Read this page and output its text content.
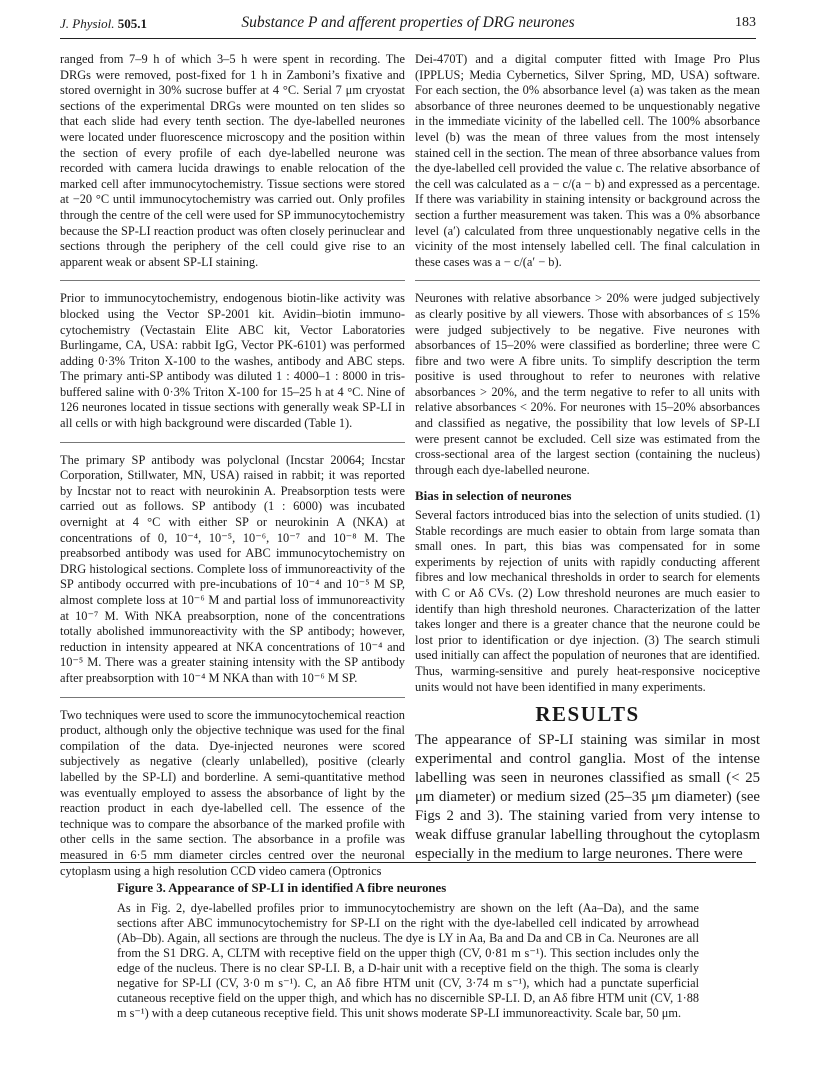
J. Physiol. 505.1	Substance P and afferent properties of DRG neurones	183

ranged from 7–9 h of which 3–5 h were spent in recording. The DRGs were removed, post-fixed for 1 h in Zamboni’s fixative and stored overnight in 30% sucrose buffer at 4 °C. Serial 7 μm cryostat sections of the experimental DRGs were mounted on ten slides so that each slide had every tenth section. The dye-labelled neurones were located under fluorescence microscopy and the position within the section of every profile of each dye-labelled neurone was recorded with camera lucida drawings to enable relocation of the marked cell after immunocytochemistry. Tissue sections were stored at −20 °C until immunocytochemistry was carried out. Only profiles through the centre of the cell were used for SP immunocytochemistry because the SP-LI reaction product was often closely perinuclear and sections through the periphery of the cell could give rise to an apparent weak or absent SP-LI staining.

Prior to immunocytochemistry, endogenous biotin-like activity was blocked using the Vector SP-2001 kit. Avidin–biotin immunocytochemistry (Vectastain Elite ABC kit, Vector Laboratories Burlingame, CA, USA: rabbit IgG, Vector PK-6101) was performed adding 0·3% Triton X-100 to the washes, antibody and ABC steps. The primary anti-SP antibody was diluted 1 : 4000–1 : 8000 in tris-buffered saline with 0·3% Triton X-100 for 15–25 h at 4 °C. Nine of 126 neurones located in tissue sections with generally weak SP-LI in all cells or with high background were discarded (Table 1).

The primary SP antibody was polyclonal (Incstar 20064; Incstar Corporation, Stillwater, MN, USA) raised in rabbit; it was reported by Incstar not to react with neurokinin A. Preabsorption tests were carried out as follows. SP antibody (1 : 6000) was incubated overnight at 4 °C with either SP or neurokinin A (NKA) at concentrations of 0, 10⁻⁴, 10⁻⁵, 10⁻⁶, 10⁻⁷ and 10⁻⁸ M. The preabsorbed antibody was used for ABC immunocytochemistry on DRG histological sections. Complete loss of immunoreactivity of the SP antibody occurred with pre-incubations of 10⁻⁴ and 10⁻⁵ M SP, almost complete loss at 10⁻⁶ M and partial loss of immunoreactivity at 10⁻⁷ M. With NKA preabsorption, none of the concentrations totally abolished immunoreactivity with the SP antibody; however, reduction in intensity appeared at NKA concentrations of 10⁻⁴ and 10⁻⁵ M. There was a greater staining intensity with the SP antibody after preabsorption with 10⁻⁴ M NKA than with 10⁻⁶ M SP.

Two techniques were used to score the immunocytochemical reaction product, although only the objective technique was used for the final compilation of the data. Dye-injected neurones were scored subjectively as negative (clearly unlabelled), positive (clearly labelled by the SP-LI) and borderline. A semi-quantitative method was eventually employed to assess the absorbance of light by the reaction product in each dye-labelled cell. The essence of the technique was to compare the absorbance of the marked profile with other cells in the same section. The absorbance in a profile was measured in 6·5 mm diameter circles centred over the neuronal cytoplasm using a high resolution CCD video camera (Optronics

Dei-470T) and a digital computer fitted with Image Pro Plus (IPPLUS; Media Cybernetics, Silver Spring, MD, USA) software. For each section, the 0% absorbance level (a) was taken as the mean absorbance of three neurones deemed to be unquestionably negative in the immediate vicinity of the labelled cell. The 100% absorbance level (b) was the mean of three values from the most intensely stained cell in the section. The mean of three absorbance values from the dye-labelled cell provided the value c. The relative absorbance of the cell was calculated as a − c/(a − b) and expressed as a percentage. If there was variability in staining intensity or background across the section a further measurement was taken. This was a 0% absorbance level (a′) calculated from three unquestionably negative cells in the vicinity of the most intensely labelled cell. The final calculation in these cases was a − c/(a′ − b).

Neurones with relative absorbance > 20% were judged subjectively as clearly positive by all viewers. Those with absorbances of ≤ 15% were judged subjectively to be negative. Five neurones with absorbances of 15–20% were classified as borderline; three were C fibre and two were A fibre units. To simplify description the term positive is used throughout to refer to neurones with relative absorbances > 20%, and the term negative to refer to all units with relative absorbances < 20%. For neurones with 15–20% absorbances and classified as negative, the possibility that low levels of SP-LI were present cannot be excluded. Cell size was estimated from the cross-sectional area of the largest section (containing the nucleus) through each dye-labelled neurone.

Bias in selection of neurones

Several factors introduced bias into the selection of units studied. (1) Stable recordings are much easier to obtain from large somata than small ones. In part, this bias was compensated for in some experiments by rejection of units with rapidly conducting afferent fibres and low mechanical thresholds in order to search for elements with C or Aδ CVs. (2) Low threshold neurones are much easier to identify than high threshold neurones. Characterization of the latter takes longer and there is a greater chance that the neurone could be lost prior to identification or dye injection. (3) The search stimuli used initially can affect the population of neurones that are identified. Thus, warming-sensitive and purely heat-responsive nociceptive units would not have been identified in many experiments.

RESULTS

The appearance of SP-LI staining was similar in most experimental and control ganglia. Most of the intense labelling was seen in neurones classified as small (< 25 μm diameter) or medium sized (25–35 μm diameter) (see Figs 2 and 3). The staining varied from very intense to weak diffuse granular labelling throughout the cytoplasm especially in the medium to large neurones. There were

Figure 3. Appearance of SP-LI in identified A fibre neurones

As in Fig. 2, dye-labelled profiles prior to immunocytochemistry are shown on the left (Aa–Da), and the same sections after ABC immunocytochemistry for SP-LI on the right with the dye-labelled cell indicated by arrowhead (Ab–Db). Again, all sections are through the nucleus. The dye is LY in Aa, Ba and Da and CB in Ca. Neurones are all from the S1 DRG. A, CLTM with receptive field on the upper thigh (CV, 0·81 m s⁻¹). This section includes only the edge of the nucleus. There is no clear SP-LI. B, a D-hair unit with a receptive field on the thigh. The soma is clearly negative for SP-LI (CV, 3·0 m s⁻¹). C, an Aδ fibre HTM unit (CV, 3·74 m s⁻¹), which had a punctate superficial cutaneous receptive field on the upper thigh, and which has no discernible SP-LI. D, an Aδ fibre HTM unit (CV, 1·88 m s⁻¹) with a deep cutaneous receptive field. This unit shows moderate SP-LI immunoreactivity. Scale bar, 50 μm.
